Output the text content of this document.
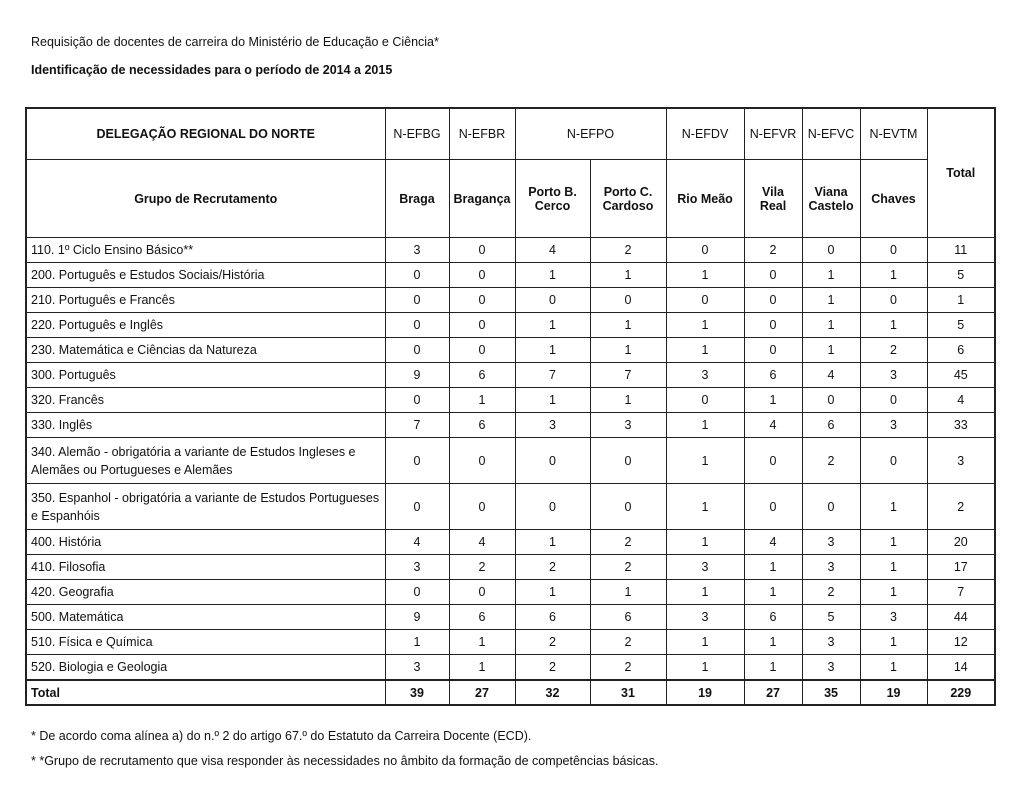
Requisição de docentes de carreira do Ministério de Educação e Ciência*
Identificação de necessidades para o período de 2014 a 2015
DELEGAÇÃO REGIONAL DO NORTE	N-EFBG	N-EFBR	N-EFPO		N-EFDV	N-EFVR	N-EFVC	N-EVTM	Total
Grupo de Recrutamento	Braga	Bragança	Porto B. Cerco	Porto C. Cardoso	Rio Meão	Vila Real	Viana Castelo	Chaves	
110. 1º Ciclo Ensino Básico**	3	0	4	2	0	2	0	0	11
200. Português e Estudos Sociais/História	0	0	1	1	1	0	1	1	5
210. Português e Francês	0	0	0	0	0	0	1	0	1
220. Português e Inglês	0	0	1	1	1	0	1	1	5
230. Matemática e Ciências da Natureza	0	0	1	1	1	0	1	2	6
300. Português	9	6	7	7	3	6	4	3	45
320. Francês	0	1	1	1	0	1	0	0	4
330. Inglês	7	6	3	3	1	4	6	3	33
340. Alemão - obrigatória a variante de Estudos Ingleses e Alemães ou Portugueses e Alemães	0	0	0	0	1	0	2	0	3
350. Espanhol - obrigatória a variante de Estudos Portugueses e Espanhóis	0	0	0	0	1	0	0	1	2
400. História	4	4	1	2	1	4	3	1	20
410. Filosofia	3	2	2	2	3	1	3	1	17
420. Geografia	0	0	1	1	1	1	2	1	7
500. Matemática	9	6	6	6	3	6	5	3	44
510. Física e Química	1	1	2	2	1	1	3	1	12
520. Biologia e Geologia	3	1	2	2	1	1	3	1	14
Total	39	27	32	31	19	27	35	19	229
* De acordo coma alínea a) do n.º 2 do artigo 67.º do Estatuto da Carreira Docente (ECD).
* *Grupo de recrutamento que visa responder às necessidades no âmbito da formação de competências básicas.
